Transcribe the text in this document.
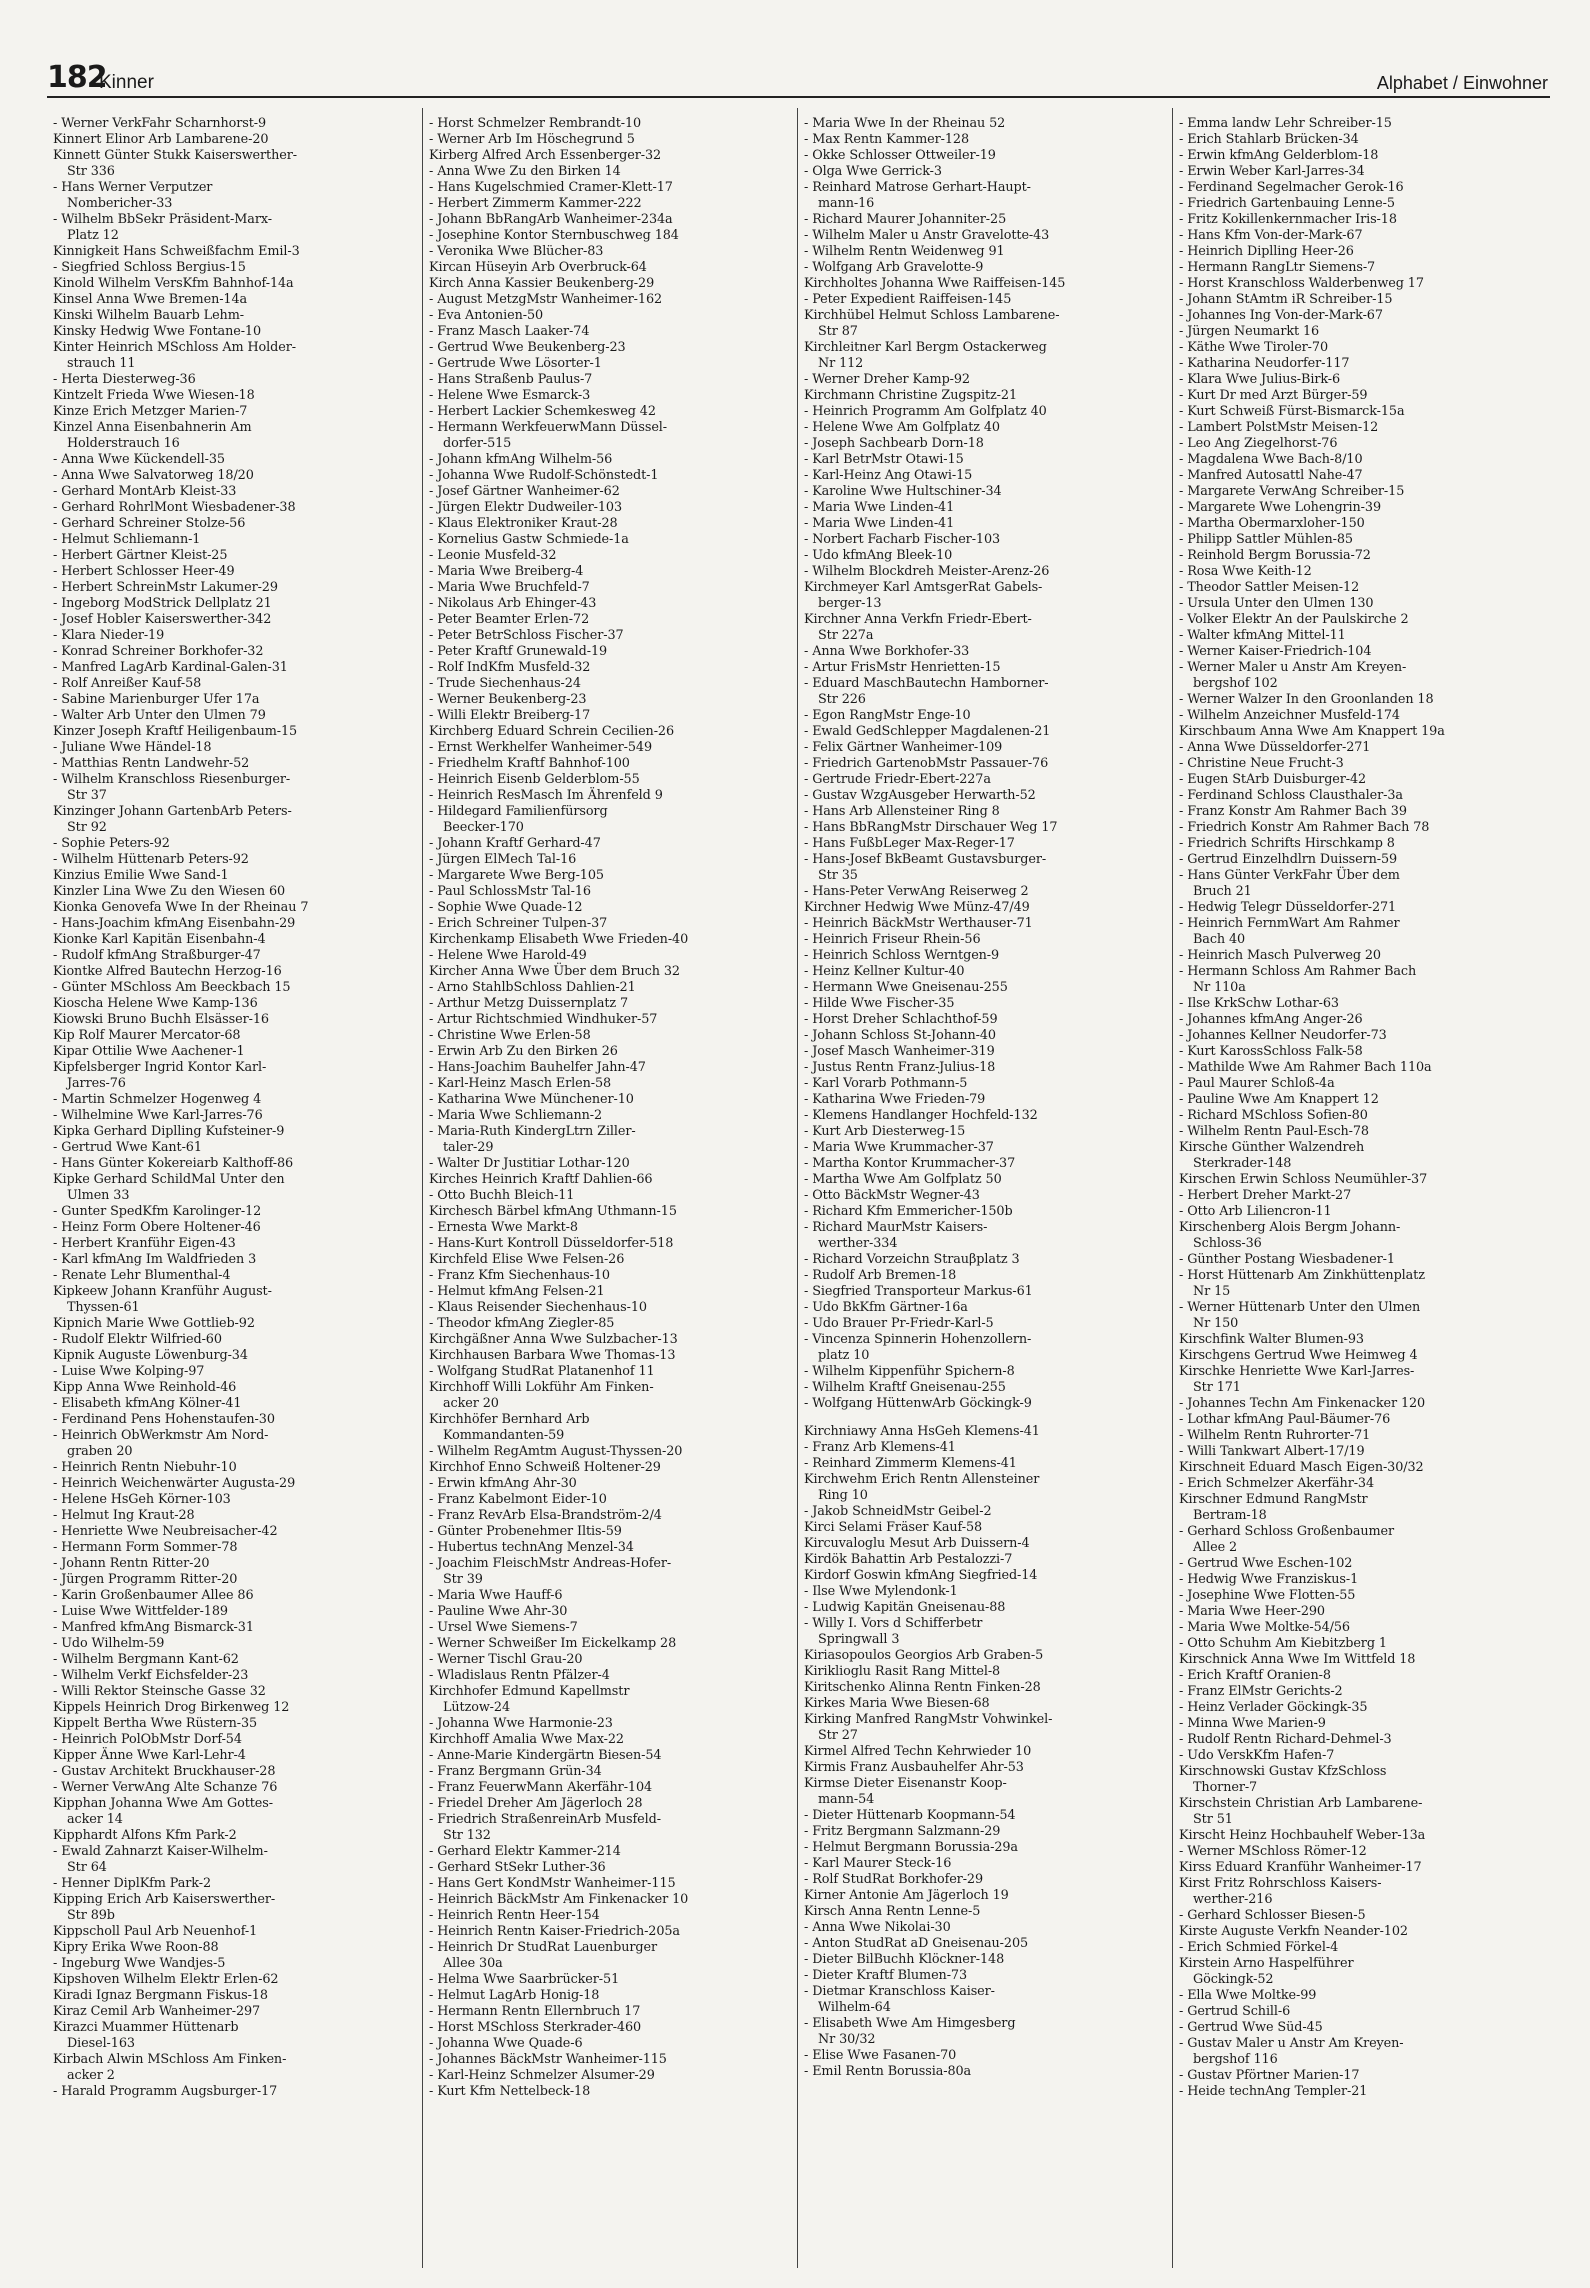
182
Kinner	Alphabet / Einwohner

- Werner VerkFahr Scharnhorst-9

Kinnert Elinor Arb Lambarene-20

Kinnett Günter Stukk Kaiserswerther-
Str 336

- Hans Werner Verputzer
Nomberichеr-33

- Wilhelm BbSekr Präsident-Marx-
Platz 12

Kinnigkeit Hans Schweißfachm Emil-3

- Siegfried Schloss Bergius-15

Kinold Wilhelm VersKfm Bahnhof-14a

Kinsel Anna Wwe Bremen-14a

Kinski Wilhelm Bauarb Lehm-

Kinsky Hedwig Wwe Fontane-10

Kinter Heinrich MSchloss Am Holder-
strauch 11

- Herta Diesterweg-36

Kintzelt Frieda Wwe Wiesen-18

Kinze Erich Metzger Marien-7

Kinzel Anna Eisenbahnerin Am
Holderstrauch 16

- Anna Wwe Kückendell-35

- Anna Wwe Salvatorweg 18/20

- Gerhard MontArb Kleist-33

- Gerhard RohrlMont Wiesbadener-38

- Gerhard Schreiner Stolze-56

- Helmut Schliemann-1

- Herbert Gärtner Kleist-25

- Herbert Schlosser Heer-49

- Herbert SchreinMstr Lakumer-29

- Ingeborg ModStrick Dellplatz 21

- Josef Hobler Kaiserswerther-342

- Klara Nieder-19

- Konrad Schreiner Borkhofer-32

- Manfred LagArb Kardinal-Galen-31

- Rolf Anreißer Kauf-58

- Sabine Marienburger Ufer 17a

- Walter Arb Unter den Ulmen 79

Kinzer Joseph Kraftf Heiligenbaum-15

- Juliane Wwe Händel-18

- Matthias Rentn Landwehr-52

- Wilhelm Kranschloss Riesenburger-
Str 37

Kinzinger Johann GartenbArb Peters-
Str 92

- Sophie Peters-92

- Wilhelm Hüttenarb Peters-92

Kinzius Emilie Wwe Sand-1

Kinzler Lina Wwe Zu den Wiesen 60

Kionka Genovefa Wwe In der Rheinau 7

- Hans-Joachim kfmAng Eisenbahn-29

Kionke Karl Kapitän Eisenbahn-4

- Rudolf kfmAng Straßburger-47

Kiontke Alfred Bautechn Herzog-16

- Günter MSchloss Am Beeckbach 15

Kioscha Helene Wwe Kamp-136

Kiowski Bruno Buchh Elsässer-16

Kip Rolf Maurer Mercator-68

Kipar Ottilie Wwe Aachener-1

Kipfelsberger Ingrid Kontor Karl-
Jarres-76

- Martin Schmelzer Hogenweg 4

- Wilhelmine Wwe Karl-Jarres-76

Kipka Gerhard Diplling Kufsteiner-9

- Gertrud Wwe Kant-61

- Hans Günter Kokereiarb Kalthoff-86

Kipke Gerhard SchildMal Unter den
Ulmen 33

- Gunter SpedKfm Karolinger-12

- Heinz Form Obere Holtener-46

- Herbert Kranführ Eigen-43

- Karl kfmAng Im Waldfrieden 3

- Renate Lehr Blumenthal-4

Kipkeew Johann Kranführ August-
Thyssen-61

Kipnich Marie Wwe Gottlieb-92

- Rudolf Elektr Wilfried-60

Kipnik Auguste Löwenburg-34

- Luise Wwe Kolping-97

Kipp Anna Wwe Reinhold-46

- Elisabeth kfmAng Kölner-41

- Ferdinand Pens Hohenstaufen-30

- Heinrich ObWerkmstr Am Nord-
graben 20

- Heinrich Rentn Niebuhr-10

- Heinrich Weichenwärter Augusta-29

- Helene HsGeh Körner-103

- Helmut Ing Kraut-28

- Henriette Wwe Neubreisacher-42

- Hermann Form Sommer-78

- Johann Rentn Ritter-20

- Jürgen Programm Ritter-20

- Karin Großenbaumer Allee 86

- Luise Wwe Wittfelder-189

- Manfred kfmAng Bismarck-31

- Udo Wilhelm-59

- Wilhelm Bergmann Kant-62

- Wilhelm Verkf Eichsfelder-23

- Willi Rektor Steinsche Gasse 32

Kippels Heinrich Drog Birkenweg 12

Kippelt Bertha Wwe Rüstern-35

- Heinrich PolObMstr Dorf-54

Kipper Änne Wwe Karl-Lehr-4

- Gustav Architekt Bruckhauser-28

- Werner VerwAng Alte Schanze 76

Kipphan Johanna Wwe Am Gottes-
acker 14

Kipphardt Alfons Kfm Park-2

- Ewald Zahnarzt Kaiser-Wilhelm-
Str 64

- Henner DiplKfm Park-2

Kipping Erich Arb Kaiserswerther-
Str 89b

Kippscholl Paul Arb Neuenhof-1

Kipry Erika Wwe Roon-88

- Ingeburg Wwe Wandjes-5

Kipshoven Wilhelm Elektr Erlen-62

Kiradi Ignaz Bergmann Fiskus-18

Kiraz Cemil Arb Wanheimer-297

Kirazci Muammer Hüttenarb
Diesel-163

Kirbach Alwin MSchloss Am Finken-
acker 2

- Harald Programm Augsburger-17

- Horst Schmelzer Rembrandt-10

- Werner Arb Im Höschegrund 5

Kirberg Alfred Arch Essenberger-32

- Anna Wwe Zu den Birken 14

- Hans Kugelschmied Cramer-Klett-17

- Herbert Zimmerm Kammer-222

- Johann BbRangArb Wanheimer-234a

- Josephine Kontor Sternbuschweg 184

- Veronika Wwe Blücher-83

Kircan Hüseyin Arb Overbruck-64

Kirch Anna Kassier Beukenberg-29

- August MetzgMstr Wanheimer-162

- Eva Antonien-50

- Franz Masch Laaker-74

- Gertrud Wwe Beukenberg-23

- Gertrude Wwe Lösorter-1

- Hans Straßenb Paulus-7

- Helene Wwe Esmarck-3

- Herbert Lackier Schemkesweg 42

- Hermann WerkfeuerwMann Düssel-
dorfer-515

- Johann kfmAng Wilhelm-56

- Johanna Wwe Rudolf-Schönstedt-1

- Josef Gärtner Wanheimer-62

- Jürgen Elektr Dudweiler-103

- Klaus Elektroniker Kraut-28

- Kornelius Gastw Schmiede-1a

- Leonie Musfeld-32

- Maria Wwe Breiberg-4

- Maria Wwe Bruchfeld-7

- Nikolaus Arb Ehinger-43

- Peter Beamter Erlen-72

- Peter BetrSchloss Fischer-37

- Peter Kraftf Grunewald-19

- Rolf IndKfm Musfeld-32

- Trude Siechenhaus-24

- Werner Beukenberg-23

- Willi Elektr Breiberg-17

Kirchberg Eduard Schrein Cecilien-26

- Ernst Werkhelfer Wanheimer-549

- Friedhelm Kraftf Bahnhof-100

- Heinrich Eisenb Gelderblom-55

- Heinrich ResMasch Im Ährenfeld 9

- Hildegard Familienfürsorg
Beecker-170

- Johann Kraftf Gerhard-47

- Jürgen ElMech Tal-16

- Margarete Wwe Berg-105

- Paul SchlossMstr Tal-16

- Sophie Wwe Quade-12

- Erich Schreiner Tulpen-37

Kirchenkamp Elisabeth Wwe Frieden-40

- Helene Wwe Harold-49

Kircher Anna Wwe Über dem Bruch 32

- Arno StahlbSchloss Dahlien-21

- Arthur Metzg Duissernplatz 7

- Artur Richtschmied Windhuker-57

- Christine Wwe Erlen-58

- Erwin Arb Zu den Birken 26

- Hans-Joachim Bauhelfer Jahn-47

- Karl-Heinz Masch Erlen-58

- Katharina Wwe Münchener-10

- Maria Wwe Schliemann-2

- Maria-Ruth KindergLtrn Ziller-
taler-29

- Walter Dr Justitiar Lothar-120

Kirches Heinrich Kraftf Dahlien-66

- Otto Buchh Bleich-11

Kirchesch Bärbel kfmAng Uthmann-15

- Ernesta Wwe Markt-8

- Hans-Kurt Kontroll Düsseldorfer-518

Kirchfeld Elise Wwe Felsen-26

- Franz Kfm Siechenhaus-10

- Helmut kfmAng Felsen-21

- Klaus Reisender Siechenhaus-10

- Theodor kfmAng Ziegler-85

Kirchgäßner Anna Wwe Sulzbacher-13

Kirchhausen Barbara Wwe Thomas-13

- Wolfgang StudRat Platanenhof 11

Kirchhoff Willi Lokführ Am Finken-
acker 20

Kirchhöfer Bernhard Arb
Kommandanten-59

- Wilhelm RegAmtm August-Thyssen-20

Kirchhof Enno Schweiß Holtener-29

- Erwin kfmAng Ahr-30

- Franz Kabelmont Eider-10

- Franz RevArb Elsa-Brandström-2/4

- Günter Probenehmer Iltis-59

- Hubertus technAng Menzel-34

- Joachim FleischMstr Andreas-Hofer-
Str 39

- Maria Wwe Hauff-6

- Pauline Wwe Ahr-30

- Ursel Wwe Siemens-7

- Werner Schweißer Im Eickelkamp 28

- Werner Tischl Grau-20

- Wladislaus Rentn Pfälzer-4

Kirchhofer Edmund Kapellmstr
Lützow-24

- Johanna Wwe Harmonie-23

Kirchhoff Amalia Wwe Max-22

- Anne-Marie Kindergärtn Biesen-54

- Franz Bergmann Grün-34

- Franz FeuerwMann Akerfähr-104

- Friedel Dreher Am Jägerloch 28

- Friedrich StraßenreinArb Musfeld-
Str 132

- Gerhard Elektr Kammer-214

- Gerhard StSekr Luther-36

- Hans Gert KondMstr Wanheimer-115

- Heinrich BäckMstr Am Finkenacker 10

- Heinrich Rentn Heer-154

- Heinrich Rentn Kaiser-Friedrich-205a

- Heinrich Dr StudRat Lauenburger
Allee 30a

- Helma Wwe Saarbrücker-51

- Helmut LagArb Honig-18

- Hermann Rentn Ellernbruch 17

- Horst MSchloss Sterkrader-460

- Johanna Wwe Quade-6

- Johannes BäckMstr Wanheimer-115

- Karl-Heinz Schmelzer Alsumer-29

- Kurt Kfm Nettelbeck-18

- Maria Wwe In der Rheinau 52

- Max Rentn Kammer-128

- Okke Schlosser Ottweiler-19

- Olga Wwe Gerrick-3

- Reinhard Matrose Gerhart-Haupt-
mann-16

- Richard Maurer Johanniter-25

- Wilhelm Maler u Anstr Gravelotte-43

- Wilhelm Rentn Weidenweg 91

- Wolfgang Arb Gravelotte-9

Kirchholtes Johanna Wwe Raiffeisen-145

- Peter Expedient Raiffeisen-145

Kirchhübel Helmut Schloss Lambarene-
Str 87

Kirchleitner Karl Bergm Ostackerweg
Nr 112

- Werner Dreher Kamp-92

Kirchmann Christine Zugspitz-21

- Heinrich Programm Am Golfplatz 40

- Helene Wwe Am Golfplatz 40

- Joseph Sachbearb Dorn-18

- Karl BetrMstr Otawi-15

- Karl-Heinz Ang Otawi-15

- Karoline Wwe Hultschiner-34

- Maria Wwe Linden-41

- Maria Wwe Linden-41

- Norbert Facharb Fischer-103

- Udo kfmAng Bleek-10

- Wilhelm Blockdreh Meister-Arenz-26

Kirchmeyer Karl AmtsgerRat Gabels-
berger-13

Kirchner Anna Verkfn Friedr-Ebert-
Str 227a

- Anna Wwe Borkhofer-33

- Artur FrisMstr Henriettеn-15

- Eduard MaschBautechn Hamborner-
Str 226

- Egon RangMstr Enge-10

- Ewald GedSchlepper Magdalenen-21

- Felix Gärtner Wanheimer-109

- Friedrich GartenobMstr Passauer-76

- Gertrude Friedr-Ebert-227a

- Gustav WzgAusgeber Herwarth-52

- Hans Arb Allensteiner Ring 8

- Hans BbRangMstr Dirschauer Weg 17

- Hans FußbLeger Max-Reger-17

- Hans-Josef BkBeamt Gustavsburger-
Str 35

- Hans-Peter VerwAng Reiserweg 2

Kirchner Hedwig Wwe Münz-47/49

- Heinrich BäckMstr Werthauser-71

- Heinrich Friseur Rhein-56

- Heinrich Schloss Werntgen-9

- Heinz Kellner Kultur-40

- Hermann Wwe Gneisenau-255

- Hilde Wwe Fischer-35

- Horst Dreher Schlachthof-59

- Johann Schloss St-Johann-40

- Josef Masch Wanheimer-319

- Justus Rentn Franz-Julius-18

- Karl Vorarb Pothmann-5

- Katharina Wwe Frieden-79

- Klemens Handlanger Hochfeld-132

- Kurt Arb Diesterweg-15

- Maria Wwe Krummacher-37

- Martha Kontor Krummacher-37

- Martha Wwe Am Golfplatz 50

- Otto BäckMstr Wegner-43

- Richard Kfm Emmericher-150b

- Richard MaurMstr Kaisers-
werther-334

- Richard Vorzeichn Strauβplatz 3

- Rudolf Arb Bremen-18

- Siegfried Transporteur Markus-61

- Udo BkKfm Gärtner-16a

- Udo Brauer Pr-Friedr-Karl-5

- Vincenza Spinnerin Hohenzollern-
platz 10

- Wilhelm Kippenführ Spichern-8

- Wilhelm Kraftf Gneisenau-255

- Wolfgang HüttenwArb Göckingk-9

Kirchniawy Anna HsGeh Klemens-41

- Franz Arb Klemens-41

- Reinhard Zimmerm Klemens-41

Kirchwehm Erich Rentn Allensteiner
Ring 10

- Jakob SchneidMstr Geibel-2

Kirci Selami Fräser Kauf-58

Kircuvaloglu Mesut Arb Duissern-4

Kirdök Bahattin Arb Pestalozzi-7

Kirdorf Goswin kfmAng Siegfried-14

- Ilse Wwe Mylendonk-1

- Ludwig Kapitän Gneisenau-88

- Willy I. Vors d Schifferbetr
Springwall 3

Kiriasopoulos Georgios Arb Graben-5

Kiriklioglu Rasit Rang Mittel-8

Kiritschenko Alinna Rentn Finken-28

Kirkes Maria Wwe Biesen-68

Kirking Manfred RangMstr Vohwinkel-
Str 27

Kirmel Alfred Techn Kehrwieder 10

Kirmis Franz Ausbauhelfer Ahr-53

Kirmse Dieter Eisenanstr Koop-
mann-54

- Dieter Hüttenarb Koopmann-54

- Fritz Bergmann Salzmann-29

- Helmut Bergmann Borussia-29a

- Karl Maurer Steck-16

- Rolf StudRat Borkhofer-29

Kirner Antonie Am Jägerloch 19

Kirsch Anna Rentn Lenne-5

- Anna Wwe Nikolai-30

- Anton StudRat aD Gneisenau-205

- Dieter BilBuchh Klöckner-148

- Dieter Kraftf Blumen-73

- Dietmar Kranschloss Kaiser-
Wilhelm-64

- Elisabeth Wwe Am Himgesberg
Nr 30/32

- Elise Wwe Fasanen-70

- Emil Rentn Borussia-80a

- Emma landw Lehr Schreiber-15

- Erich Stahlarb Brücken-34

- Erwin kfmAng Gelderblom-18

- Erwin Weber Karl-Jarres-34

- Ferdinand Segelmacher Gerok-16

- Friedrich Gartenbauing Lenne-5

- Fritz Kokillenkernmacher Iris-18

- Hans Kfm Von-der-Mark-67

- Heinrich Diplling Heer-26

- Hermann RangLtr Siemens-7

- Horst Kranschloss Walderbenweg 17

- Johann StAmtm iR Schreiber-15

- Johannes Ing Von-der-Mark-67

- Jürgen Neumarkt 16

- Käthe Wwe Tiroler-70

- Katharina Neudorfer-117

- Klara Wwe Julius-Birk-6

- Kurt Dr med Arzt Bürger-59

- Kurt Schweiß Fürst-Bismarck-15a

- Lambert PolstMstr Meisen-12

- Leo Ang Ziegelhorst-76

- Magdalena Wwe Bach-8/10

- Manfred Autosattl Nahe-47

- Margarete VerwAng Schreiber-15

- Margarete Wwe Lohengrin-39

- Martha Obermarxloher-150

- Philipp Sattler Mühlen-85

- Reinhold Bergm Borussia-72

- Rosa Wwe Keith-12

- Theodor Sattler Meisen-12

- Ursula Unter den Ulmen 130

- Volker Elektr An der Paulskirche 2

- Walter kfmAng Mittel-11

- Werner Kaiser-Friedrich-104

- Werner Maler u Anstr Am Kreyen-
bergshof 102

- Werner Walzer In den Groonlanden 18

- Wilhelm Anzeichner Musfeld-174

Kirschbaum Anna Wwe Am Knappert 19a

- Anna Wwe Düsseldorfer-271

- Christine Neue Frucht-3

- Eugen StArb Duisburger-42

- Ferdinand Schloss Clausthaler-3a

- Franz Konstr Am Rahmer Bach 39

- Friedrich Konstr Am Rahmer Bach 78

- Friedrich Schrifts Hirschkamp 8

- Gertrud Einzelhdlrn Duissern-59

- Hans Günter VerkFahr Über dem
Bruch 21

- Hedwig Telegr Düsseldorfer-271

- Heinrich FernmWart Am Rahmer
Bach 40

- Heinrich Masch Pulverweg 20

- Hermann Schloss Am Rahmer Bach
Nr 110a

- Ilse KrkSchw Lothar-63

- Johannes kfmAng Anger-26

- Johannes Kellner Neudorfer-73

- Kurt KarossSchloss Falk-58

- Mathilde Wwe Am Rahmer Bach 110a

- Paul Maurer Schloß-4a

- Pauline Wwe Am Knappert 12

- Richard MSchloss Sofien-80

- Wilhelm Rentn Paul-Esch-78

Kirsche Günther Walzendreh
Sterkrader-148

Kirschen Erwin Schloss Neumühler-37

- Herbert Dreher Markt-27

- Otto Arb Liliencron-11

Kirschenberg Alois Bergm Johann-
Schloss-36

- Günther Postang Wiesbadener-1

- Horst Hüttenarb Am Zinkhüttenplatz
Nr 15

- Werner Hüttenarb Unter den Ulmen
Nr 150

Kirschfink Walter Blumen-93

Kirschgens Gertrud Wwe Heimweg 4

Kirschke Henriette Wwe Karl-Jarres-
Str 171

- Johannes Techn Am Finkenacker 120

- Lothar kfmAng Paul-Bäumer-76

- Wilhelm Rentn Ruhrorter-71

- Willi Tankwart Albert-17/19

Kirschneit Eduard Masch Eigen-30/32

- Erich Schmelzer Akerfähr-34

Kirschner Edmund RangMstr
Bertram-18

- Gerhard Schloss Großenbaumer
Allee 2

- Gertrud Wwe Eschen-102

- Hedwig Wwe Franziskus-1

- Josephine Wwe Flotten-55

- Maria Wwe Heer-290

- Maria Wwe Moltke-54/56

- Otto Schuhm Am Kiebitzberg 1

Kirschnick Anna Wwe Im Wittfeld 18

- Erich Kraftf Oranien-8

- Franz ElMstr Gerichts-2

- Heinz Verlader Göckingk-35

- Minna Wwe Marien-9

- Rudolf Rentn Richard-Dehmel-3

- Udo VerskKfm Hafen-7

Kirschnowski Gustav KfzSchloss
Thorner-7

Kirschstein Christian Arb Lambarene-
Str 51

Kirscht Heinz Hochbauhelf Weber-13a

- Werner MSchloss Römer-12

Kirss Eduard Kranführ Wanheimer-17

Kirst Fritz Rohrschloss Kaisers-
werther-216

- Gerhard Schlosser Biesen-5

Kirste Auguste Verkfn Neander-102

- Erich Schmied Förkel-4

Kirstein Arno Haspelführer
Göckingk-52

- Ella Wwe Moltke-99

- Gertrud Schill-6

- Gertrud Wwe Süd-45

- Gustav Maler u Anstr Am Kreyen-
bergshof 116

- Gustav Pförtner Marien-17

- Heide technAng Templer-21
